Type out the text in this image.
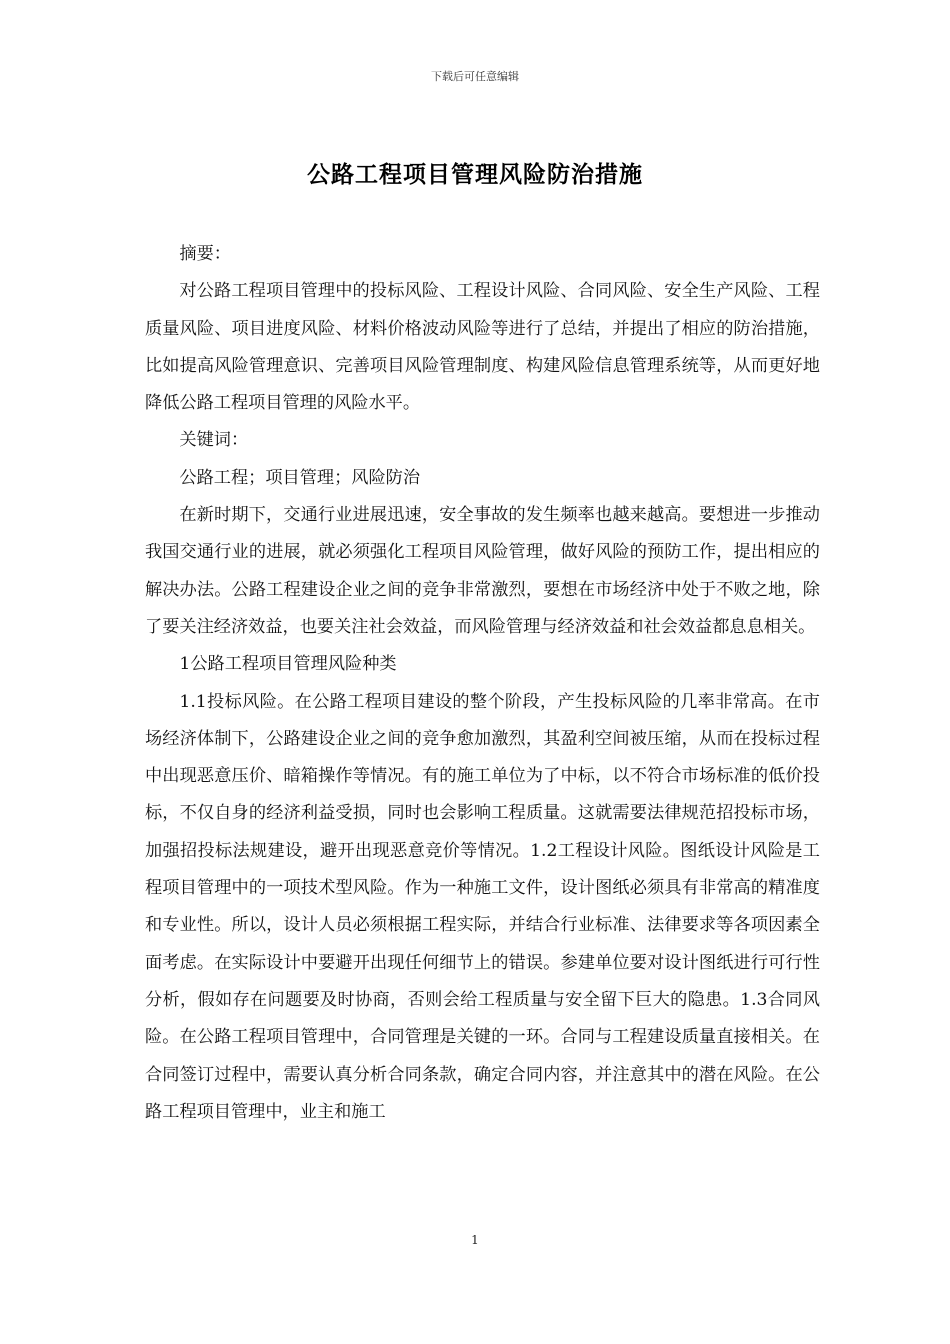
下载后可任意编辑
公路工程项目管理风险防治措施

摘要：

对公路工程项目管理中的投标风险、工程设计风险、合同风险、安全生产风险、工程质量风险、项目进度风险、材料价格波动风险等进行了总结，并提出了相应的防治措施，比如提高风险管理意识、完善项目风险管理制度、构建风险信息管理系统等，从而更好地降低公路工程项目管理的风险水平。

关键词：

公路工程；项目管理；风险防治

在新时期下，交通行业进展迅速，安全事故的发生频率也越来越高。要想进一步推动我国交通行业的进展，就必须强化工程项目风险管理，做好风险的预防工作，提出相应的解决办法。公路工程建设企业之间的竞争非常激烈，要想在市场经济中处于不败之地，除了要关注经济效益，也要关注社会效益，而风险管理与经济效益和社会效益都息息相关。

1公路工程项目管理风险种类

1.1投标风险。在公路工程项目建设的整个阶段，产生投标风险的几率非常高。在市场经济体制下，公路建设企业之间的竞争愈加激烈，其盈利空间被压缩，从而在投标过程中出现恶意压价、暗箱操作等情况。有的施工单位为了中标，以不符合市场标准的低价投标，不仅自身的经济利益受损，同时也会影响工程质量。这就需要法律规范招投标市场，加强招投标法规建设，避开出现恶意竞价等情况。1.2工程设计风险。图纸设计风险是工程项目管理中的一项技术型风险。作为一种施工文件，设计图纸必须具有非常高的精准度和专业性。所以，设计人员必须根据工程实际，并结合行业标准、法律要求等各项因素全面考虑。在实际设计中要避开出现任何细节上的错误。参建单位要对设计图纸进行可行性分析，假如存在问题要及时协商，否则会给工程质量与安全留下巨大的隐患。1.3合同风险。在公路工程项目管理中，合同管理是关键的一环。合同与工程建设质量直接相关。在合同签订过程中，需要认真分析合同条款，确定合同内容，并注意其中的潜在风险。在公路工程项目管理中，业主和施工

1
